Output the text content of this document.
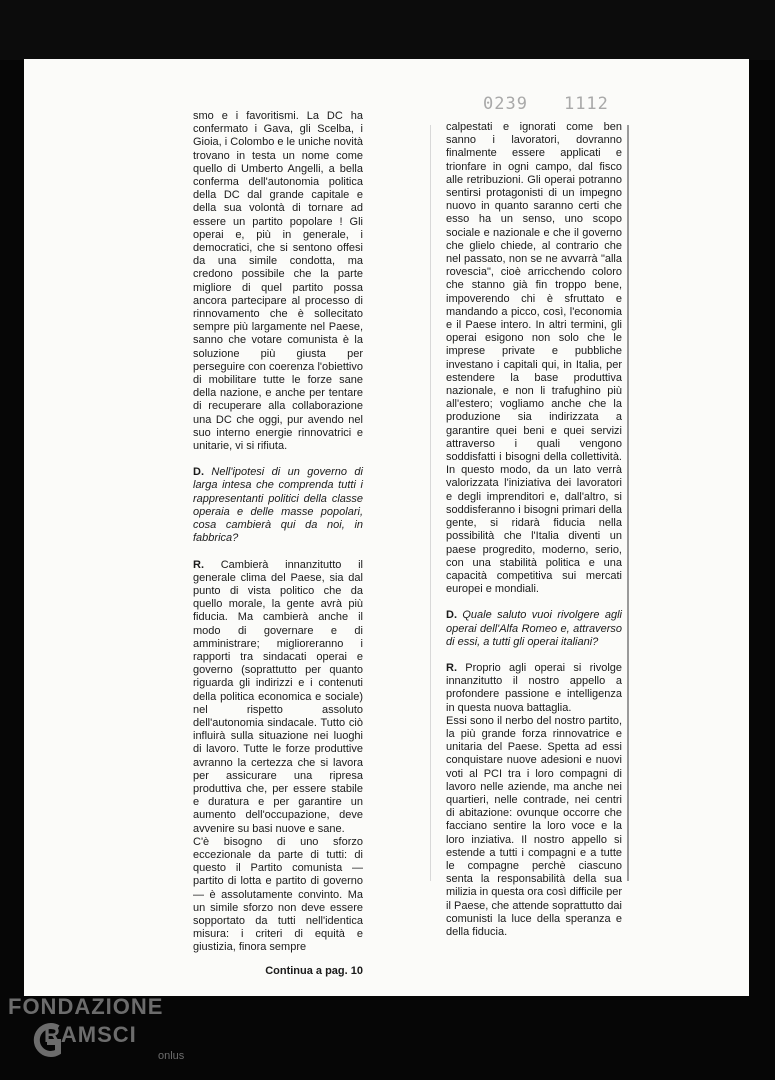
0239 1112

smo e i favoritismi. La DC ha confermato i Gava, gli Scelba, i Gioia, i Colombo e le uniche novità trovano in testa un nome come quello di Umberto Angelli, a bella conferma dell'autonomia politica della DC dal grande capitale e della sua volontà di tornare ad essere un partito popolare ! Gli operai e, più in generale, i democratici, che si sentono offesi da una simile condotta, ma credono possibile che la parte migliore di quel partito possa ancora partecipare al processo di rinnovamento che è sollecitato sempre più largamente nel Paese, sanno che votare comunista è la soluzione più giusta per perseguire con coerenza l'obiettivo di mobilitare tutte le forze sane della nazione, e anche per tentare di recuperare alla collaborazione una DC che oggi, pur avendo nel suo interno energie rinnovatrici e unitarie, vi si rifiuta.

D. Nell'ipotesi di un governo di larga intesa che comprenda tutti i rappresentanti politici della classe operaia e delle masse popolari, cosa cambierà qui da noi, in fabbrica?

R. Cambierà innanzitutto il generale clima del Paese, sia dal punto di vista politico che da quello morale, la gente avrà più fiducia. Ma cambierà anche il modo di governare e di amministrare; miglioreranno i rapporti tra sindacati operai e governo (soprattutto per quanto riguarda gli indirizzi e i contenuti della politica economica e sociale) nel rispetto assoluto dell'autonomia sindacale. Tutto ciò influirà sulla situazione nei luoghi di lavoro. Tutte le forze produttive avranno la certezza che si lavora per assicurare una ripresa produttiva che, per essere stabile e duratura e per garantire un aumento dell'occupazione, deve avvenire su basi nuove e sane.

C'è bisogno di uno sforzo eccezionale da parte di tutti: di questo il Partito comunista — partito di lotta e partito di governo — è assolutamente convinto. Ma un simile sforzo non deve essere sopportato da tutti nell'identica misura: i criteri di equità e giustizia, finora sempre

Continua a pag. 10

calpestati e ignorati come ben sanno i lavoratori, dovranno finalmente essere applicati e trionfare in ogni campo, dal fisco alle retribuzioni. Gli operai potranno sentirsi protagonisti di un impegno nuovo in quanto saranno certi che esso ha un senso, uno scopo sociale e nazionale e che il governo che glielo chiede, al contrario che nel passato, non se ne avvarrà "alla rovescia", cioè arricchendo coloro che stanno già fin troppo bene, impoverendo chi è sfruttato e mandando a picco, così, l'economia e il Paese intero. In altri termini, gli operai esigono non solo che le imprese private e pubbliche investano i capitali qui, in Italia, per estendere la base produttiva nazionale, e non li trafughino più all'estero; vogliamo anche che la produzione sia indirizzata a garantire quei beni e quei servizi attraverso i quali vengono soddisfatti i bisogni della collettività. In questo modo, da un lato verrà valorizzata l'iniziativa dei lavoratori e degli imprenditori e, dall'altro, si soddisferanno i bisogni primari della gente, si ridarà fiducia nella possibilità che l'Italia diventi un paese progredito, moderno, serio, con una stabilità politica e una capacità competitiva sui mercati europei e mondiali.

D. Quale saluto vuoi rivolgere agli operai dell'Alfa Romeo e, attraverso di essi, a tutti gli operai italiani?

R. Proprio agli operai si rivolge innanzitutto il nostro appello a profondere passione e intelligenza in questa nuova battaglia.

Essi sono il nerbo del nostro partito, la più grande forza rinnovatrice e unitaria del Paese. Spetta ad essi conquistare nuove adesioni e nuovi voti al PCI tra i loro compagni di lavoro nelle aziende, ma anche nei quartieri, nelle contrade, nei centri di abitazione: ovunque occorre che facciano sentire la loro voce e la loro inziativa. Il nostro appello si estende a tutti i compagni e a tutte le compagne perchè ciascuno senta la responsabilità della sua milizia in questa ora così difficile per il Paese, che attende soprattutto dai comunisti la luce della speranza e della fiducia.

FONDAZIONE
RAMSCI
onlus
